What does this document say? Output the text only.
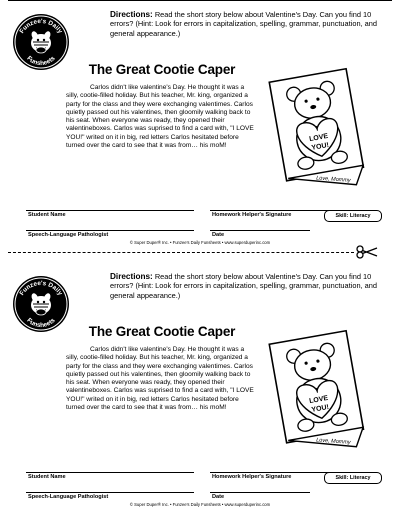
Funzee's Daily
Funsheets
Directions: Read the short story below about Valentine's Day. Can you find 10 errors? (Hint: Look for errors in capitalization, spelling, grammar, punctuation, and general appearance.)
The Great Cootie Caper
Carlos didn't like valentine's Day. He thought it was a silly, cootie-filled holiday. But his teacher, Mr. king, organized a party for the class and they were exchanging valentimes. Carlos quietly passed out his valentines, then gloomily walking back to his seat. When everyone was ready, they opened their valentineboxes. Carlos was suprised to find a card with, "I LOVE YOU!" writed on it in big, red letters Carlos hesitated before turned over the card to see that it was from… his moM!
Love, Mommy
I
LOVE
YOU!
Student Name	Homework Helper's Signature	Skill: Literacy
Speech-Language Pathologist	Date
© Super Duper® Inc. • Funzee's Daily Funsheets • www.superduperinc.com
Funzee's Daily
Funsheets
Directions: Read the short story below about Valentine's Day. Can you find 10 errors? (Hint: Look for errors in capitalization, spelling, grammar, punctuation, and general appearance.)
The Great Cootie Caper
Carlos didn't like valentine's Day. He thought it was a silly, cootie-filled holiday. But his teacher, Mr. king, organized a party for the class and they were exchanging valentimes. Carlos quietly passed out his valentines, then gloomily walking back to his seat. When everyone was ready, they opened their valentineboxes. Carlos was suprised to find a card with, "I LOVE YOU!" writed on it in big, red letters Carlos hesitated before turned over the card to see that it was from… his moM!
Love, Mommy
I
LOVE
YOU!
Student Name	Homework Helper's Signature	Skill: Literacy
Speech-Language Pathologist	Date
© Super Duper® Inc. • Funzee's Daily Funsheets • www.superduperinc.com
